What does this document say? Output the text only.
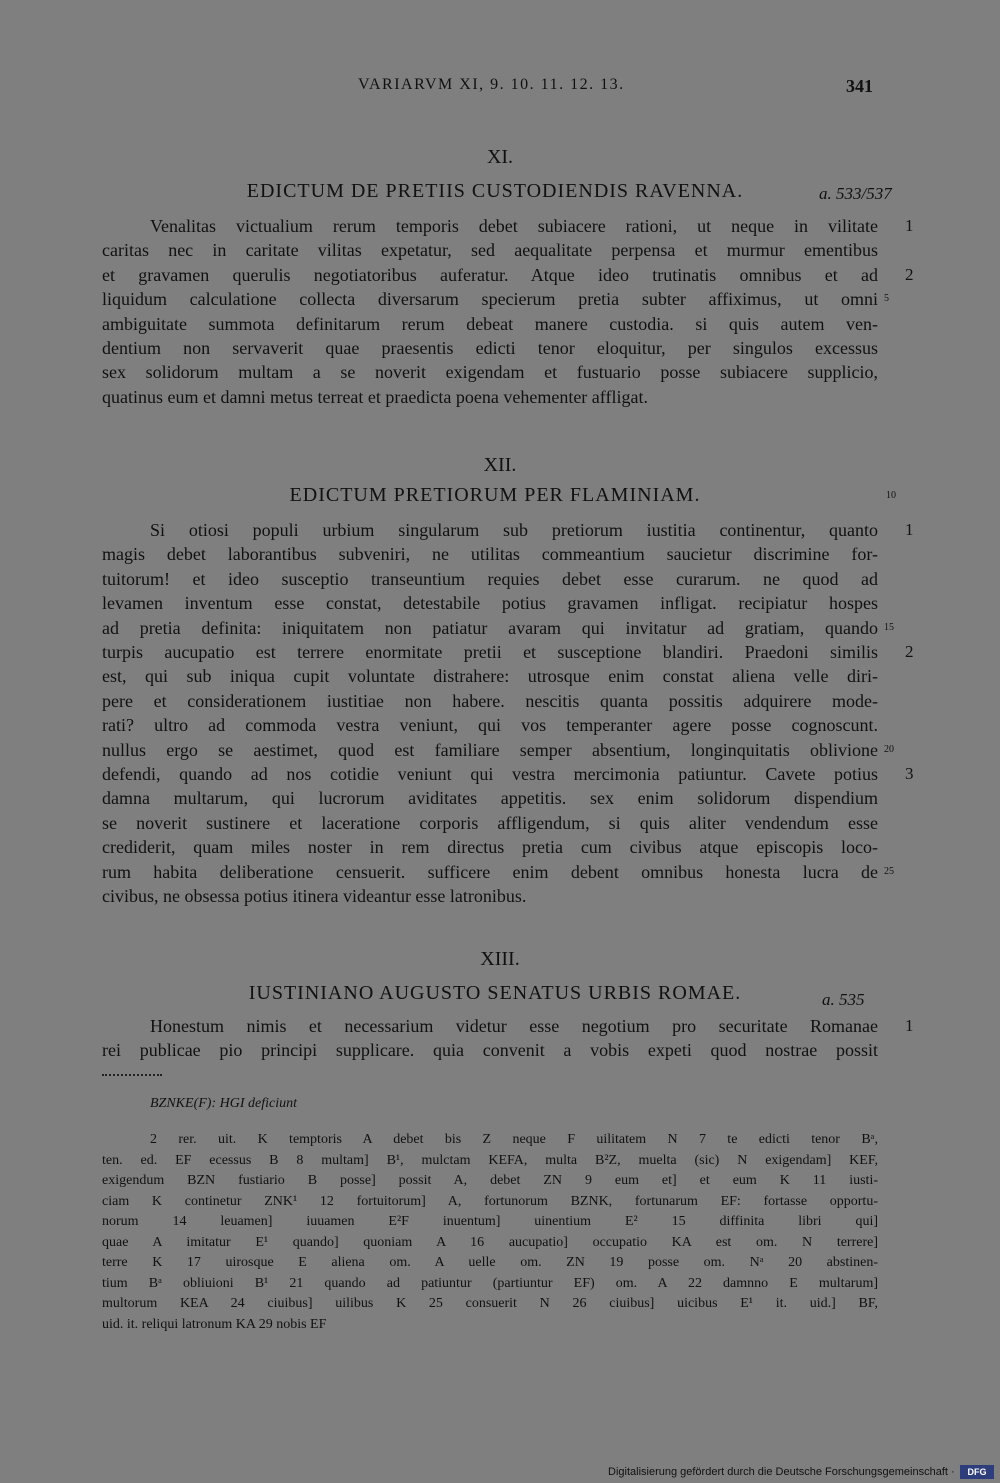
VARIARVM XI, 9. 10. 11. 12. 13.	341
XI.
EDICTUM DE PRETIIS CUSTODIENDIS RAVENNA.	a. 533/537
Venalitas victualium rerum temporis debet subiacere rationi, ut neque in vilitate
caritas nec in caritate vilitas expetatur, sed aequalitate perpensa et murmur ementibus
et gravamen querulis negotiatoribus auferatur. Atque ideo trutinatis omnibus et ad
liquidum calculatione collecta diversarum specierum pretia subter affiximus, ut omni
ambiguitate summota definitarum rerum debeat manere custodia. si quis autem ven-
dentium non servaverit quae praesentis edicti tenor eloquitur, per singulos excessus
sex solidorum multam a se noverit exigendam et fustuario posse subiacere supplicio,
quatinus eum et damni metus terreat et praedicta poena vehementer affligat.
1
2
5
XII.
EDICTUM PRETIORUM PER FLAMINIAM.	10
Si otiosi populi urbium singularum sub pretiorum iustitia continentur, quanto
magis debet laborantibus subveniri, ne utilitas commeantium saucietur discrimine for-
tuitorum! et ideo susceptio transeuntium requies debet esse curarum. ne quod ad
levamen inventum esse constat, detestabile potius gravamen infligat. recipiatur hospes
ad pretia definita: iniquitatem non patiatur avaram qui invitatur ad gratiam, quando
turpis aucupatio est terrere enormitate pretii et susceptione blandiri. Praedoni similis
est, qui sub iniqua cupit voluntate distrahere: utrosque enim constat aliena velle diri-
pere et considerationem iustitiae non habere. nescitis quanta possitis adquirere mode-
rati? ultro ad commoda vestra veniunt, qui vos temperanter agere posse cognoscunt.
nullus ergo se aestimet, quod est familiare semper absentium, longinquitatis oblivione
defendi, quando ad nos cotidie veniunt qui vestra mercimonia patiuntur. Cavete potius
damna multarum, qui lucrorum aviditates appetitis. sex enim solidorum dispendium
se noverit sustinere et laceratione corporis affligendum, si quis aliter vendendum esse
crediderit, quam miles noster in rem directus pretia cum civibus atque episcopis loco-
rum habita deliberatione censuerit. sufficere enim debent omnibus honesta lucra de
civibus, ne obsessa potius itinera videantur esse latronibus.
1
2
3
15
20
25
XIII.
IUSTINIANO AUGUSTO SENATUS URBIS ROMAE.	a. 535
Honestum nimis et necessarium videtur esse negotium pro securitate Romanae
rei publicae pio principi supplicare. quia convenit a vobis expeti quod nostrae possit
1
BZNKE(F): HGI deficiunt
2 rer. uit. K temptoris A debet bis Z neque F uilitatem N 7 te edicti tenor Bᵃ,
ten. ed. EF ecessus B 8 multam] B¹, mulctam KEFA, multa B²Z, muelta (sic) N exigendam] KEF,
exigendum BZN fustiario B posse] possit A, debet ZN 9 eum et] et eum K 11 iusti-
ciam K continetur ZNK¹ 12 fortuitorum] A, fortunorum BZNK, fortunarum EF: fortasse opportu-
norum 14 leuamen] iuuamen E²F inuentum] uinentium E² 15 diffinita libri qui]
quae A imitatur E¹ quando] quoniam A 16 aucupatio] occupatio KA est om. N terrere]
terre K 17 uirosque E aliena om. A uelle om. ZN 19 posse om. Nᵃ 20 abstinen-
tium Bᵃ obliuioni B¹ 21 quando ad patiuntur (partiuntur EF) om. A 22 damnno E multarum]
multorum KEA 24 ciuibus] uilibus K 25 consuerit N 26 ciuibus] uicibus E¹ it. uid.] BF,
uid. it. reliqui latronum KA 29 nobis EF
Digitalisierung gefördert durch die Deutsche Forschungsgemeinschaft ·	DFG
